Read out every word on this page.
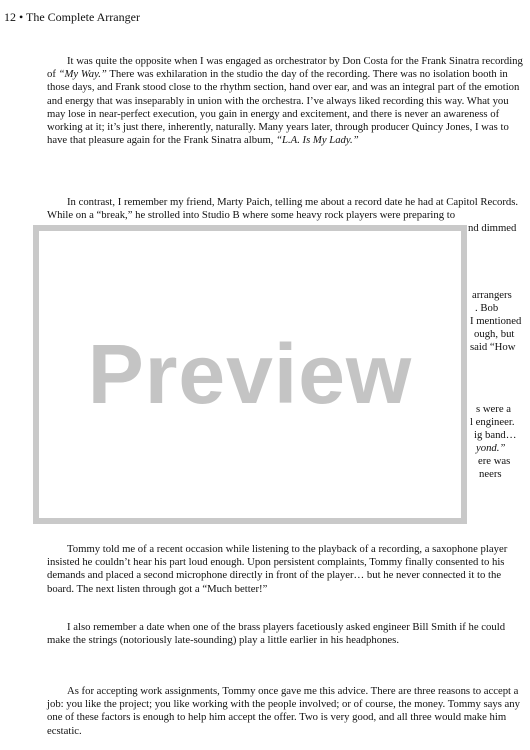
12 • The Complete Arranger

It was quite the opposite when I was engaged as orchestrator by Don Costa for the Frank Sinatra recording of “My Way.” There was exhilaration in the studio the day of the recording. There was no isolation booth in those days, and Frank stood close to the rhythm section, hand over ear, and was an integral part of the emotion and energy that was inseparably in union with the orchestra. I’ve always liked recording this way. What you may lose in near-perfect execution, you gain in energy and excitement, and there is never an awareness of working at it; it’s just there, inherently, naturally. Many years later, through producer Quincy Jones, I was to have that pleasure again for the Frank Sinatra album, “L.A. Is My Lady.”

In contrast, I remember my friend, Marty Paich, telling me about a record date he had at Capitol Records. While on a “break,” he strolled into Studio B where some heavy rock players were preparing to

nd dimmed
arrangers
. Bob
I mentioned
ough, but
said “How
s were a
l engineer.
ig band…
yond.”
ere was
neers
Preview

Tommy told me of a recent occasion while listening to the playback of a recording, a saxophone player insisted he couldn’t hear his part loud enough. Upon persistent complaints, Tommy finally consented to his demands and placed a second microphone directly in front of the player… but he never connected it to the board. The next listen through got a “Much better!”

I also remember a date when one of the brass players facetiously asked engineer Bill Smith if he could make the strings (notoriously late-sounding) play a little earlier in his headphones.

As for accepting work assignments, Tommy once gave me this advice. There are three reasons to accept a job: you like the project; you like working with the people involved; or of course, the money. Tommy says any one of these factors is enough to help him accept the offer. Two is very good, and all three would make him ecstatic.
